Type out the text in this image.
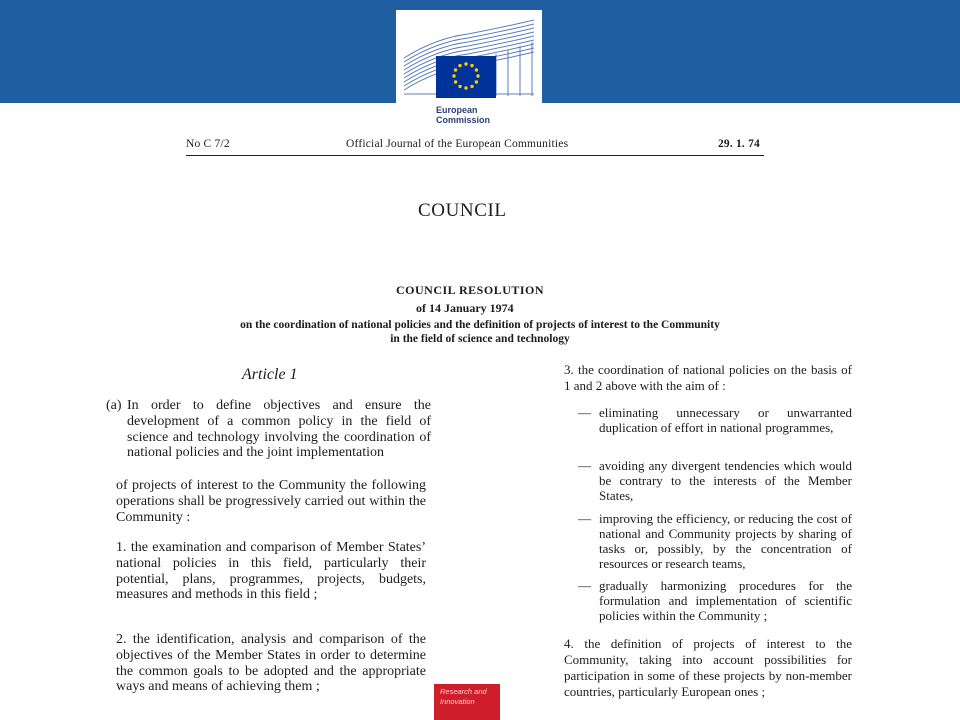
European
Commission
No C 7/2	Official Journal of the European Communities	29. 1. 74
COUNCIL
COUNCIL RESOLUTION
of 14 January 1974
on the coordination of national policies and the definition of projects of interest to the Community in the field of science and technology
Article 1
(a) In order to define objectives and ensure the development of a common policy in the field of science and technology involving the coordination of national policies and the joint implementation
of projects of interest to the Community the following operations shall be progressively carried out within the Community :
1. the examination and comparison of Member States’ national policies in this field, particularly their potential, plans, programmes, projects, budgets, measures and methods in this field ;
2. the identification, analysis and comparison of the objectives of the Member States in order to determine the common goals to be adopted and the appropriate ways and means of achieving them ;
3. the coordination of national policies on the basis of 1 and 2 above with the aim of :
— eliminating unnecessary or unwarranted duplication of effort in national programmes,
— avoiding any divergent tendencies which would be contrary to the interests of the Member States,
— improving the efficiency, or reducing the cost of national and Community projects by sharing of tasks or, possibly, by the concentration of resources or research teams,
— gradually harmonizing procedures for the formulation and implementation of scientific policies within the Community ;
4. the definition of projects of interest to the Community, taking into account possibilities for participation in some of these projects by non-member countries, particularly European ones ;
Research and
Innovation
